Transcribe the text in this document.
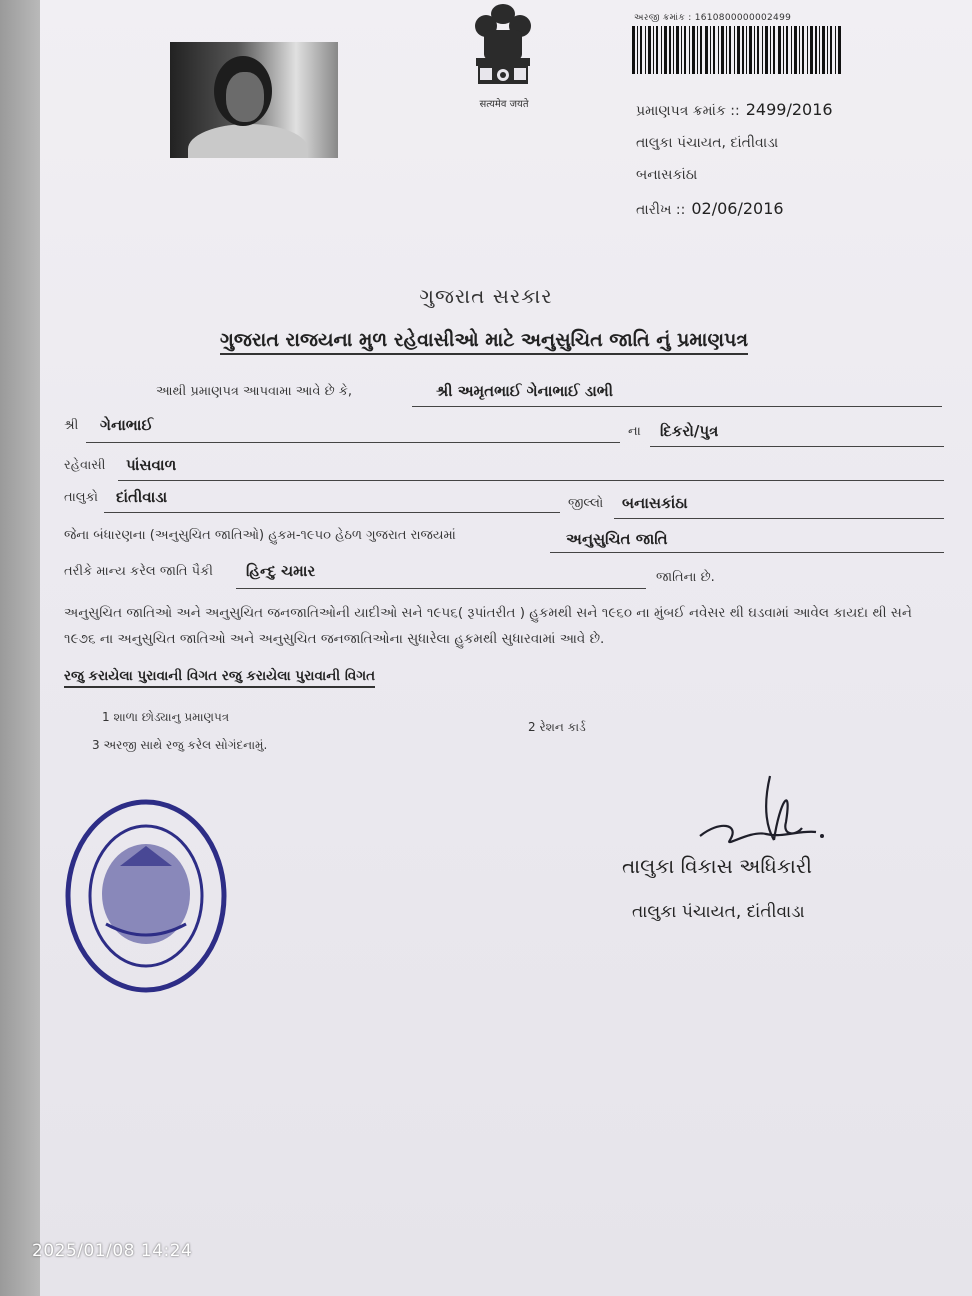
सत्यमेव जयते
અરજી ક્રમાંક : 1610800000002499
પ્રમાણપત્ર ક્રમાંક :: 2499/2016
તાલુકા પંચાયત, દાંતીવાડા
બનાસકાંઠા
તારીખ :: 02/06/2016
ગુજરાત સરકાર
ગુજરાત રાજયના મુળ રહેવાસીઓ માટે અનુસુચિત જાતિ નું પ્રમાણપત્ર
આથી પ્રમાણપત્ર આપવામા આવે છે કે,	શ્રી અમૃતભાઈ ગેનાભાઈ ડાભી
શ્રી ગેનાભાઈ	ના દિકરો/પુત્ર
રહેવાસી પાંસવાળ
તાલુકો દાંતીવાડા	જીલ્લો બનાસકાંઠા
જેના બંધારણના (અનુસુચિત જાતિઓ) હુકમ-૧૯૫૦ હેઠળ ગુજરાત રાજયમાં	અનુસુચિત જાતિ
તરીકે માન્ય કરેલ જાતિ પૈકી હિન્દુ ચમાર	જાતિના છે.
અનુસુચિત જાતિઓ અને અનુસુચિત જનજાતિઓની યાદીઓ સને ૧૯૫૬( રૂપાંતરીત ) હુકમથી સને ૧૯૬૦ ના મુંબઈ નવેસર થી ઘડવામાં આવેલ કાયદા થી સને ૧૯૭૬ ના અનુસુચિત જાતિઓ અને અનુસુચિત જનજાતિઓના સુધારેલા હુકમથી સુધારવામાં આવે છે.
રજુ કરાયેલા પુરાવાની વિગત રજુ કરાયેલા પુરાવાની વિગત
1 શાળા છોડ્યાનુ પ્રમાણપત્ર
2 રેશન કાર્ડ
3 અરજી સાથે રજુ કરેલ સોગંદનામું.
તાલુકા પંચાયત દાંતીવાડા જી.બનાસકાંઠા
તાલુકા વિકાસ અધિકારી
તાલુકા પંચાયત, દાંતીવાડા
2025/01/08 14:24
